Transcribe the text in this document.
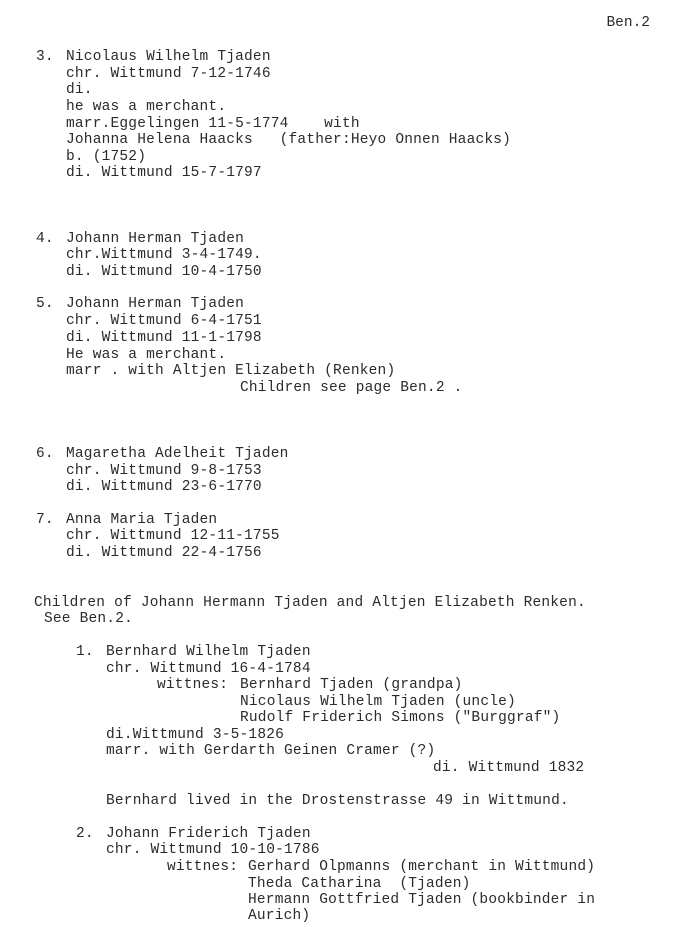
Ben.2
3. Nicolaus Wilhelm Tjaden
chr. Wittmund 7-12-1746
di.
he was a merchant.
marr.Eggelingen 11-5-1774    with
Johanna Helena Haacks   (father:Heyo Onnen Haacks)
b. (1752)
di. Wittmund 15-7-1797
4. Johann Herman Tjaden
chr.Wittmund 3-4-1749.
di. Wittmund 10-4-1750
5. Johann Herman Tjaden
chr. Wittmund 6-4-1751
di. Wittmund 11-1-1798
He was a merchant.
marr . with Altjen Elizabeth (Renken)
Children see page Ben.2 .
6. Magaretha Adelheit Tjaden
chr. Wittmund 9-8-1753
di. Wittmund 23-6-1770
7. Anna Maria Tjaden
chr. Wittmund 12-11-1755
di. Wittmund 22-4-1756
Children of Johann Hermann Tjaden and Altjen Elizabeth Renken.
See Ben.2.
1. Bernhard Wilhelm Tjaden
chr. Wittmund 16-4-1784
wittnes: Bernhard Tjaden (grandpa)
Nicolaus Wilhelm Tjaden (uncle)
Rudolf Friderich Simons ("Burggraf")
di.Wittmund 3-5-1826
marr. with Gerdarth Geinen Cramer (?)
di. Wittmund 1832
Bernhard lived in the Drostenstrasse 49 in Wittmund.
2. Johann Friderich Tjaden
chr. Wittmund 10-10-1786
wittnes: Gerhard Olpmanns (merchant in Wittmund)
Theda Catharina  (Tjaden)
Hermann Gottfried Tjaden (bookbinder in
Aurich)
